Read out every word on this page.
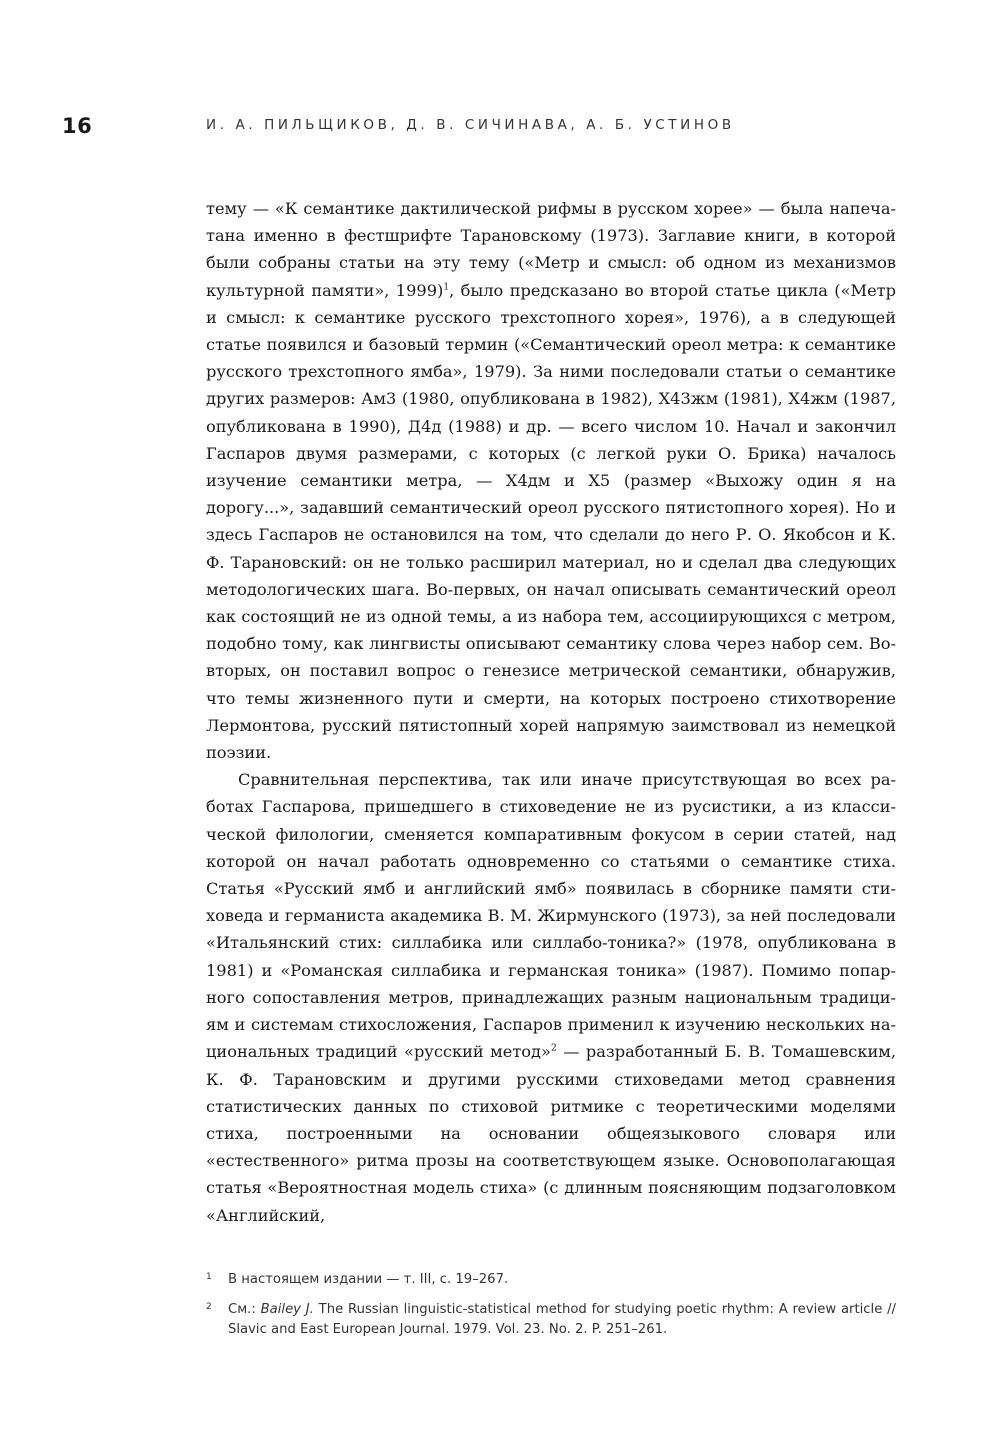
16	И. А. ПИЛЬЩИКОВ, Д. В. СИЧИНАВА, А. Б. УСТИНОВ

тему — «К семантике дактилической рифмы в русском хорее» — была напечатана именно в фестшрифте Тарановскому (1973). Заглавие книги, в которой были собраны статьи на эту тему («Метр и смысл: об одном из механизмов культурной памяти», 1999)$^1$, было предсказано во второй статье цикла («Метр и смысл: к семантике русского трехстопного хорея», 1976), а в следующей статье появился и базовый термин («Семантический ореол метра: к семантике русского трехстопного ямба», 1979). За ними последовали статьи о семантике других размеров: Ам3 (1980, опубликована в 1982), Х43жм (1981), Х4жм (1987, опубликована в 1990), Д4д (1988) и др. — всего числом 10. Начал и закончил Гаспаров двумя размерами, с которых (с легкой руки О. Брика) началось изучение семантики метра, — Х4дм и Х5 (размер «Выхожу один я на дорогу...», задавший семантический ореол русского пятистопного хорея). Но и здесь Гаспаров не остановился на том, что сделали до него Р. О. Якобсон и К. Ф. Тарановский: он не только расширил материал, но и сделал два следующих методологических шага. Во-первых, он начал описывать семантический ореол как состоящий не из одной темы, а из набора тем, ассоциирующихся с метром, подобно тому, как лингвисты описывают семантику слова через набор сем. Во-вторых, он поставил вопрос о генезисе метрической семантики, обнаружив, что темы жизненного пути и смерти, на которых построено стихотворение Лермонтова, русский пятистопный хорей напрямую заимствовал из немецкой поэзии.

Сравнительная перспектива, так или иначе присутствующая во всех работах Гаспарова, пришедшего в стиховедение не из русистики, а из классической филологии, сменяется компаративным фокусом в серии статей, над которой он начал работать одновременно со статьями о семантике стиха. Статья «Русский ямб и английский ямб» появилась в сборнике памяти стихoведа и германиста академика В. М. Жирмунского (1973), за ней последовали «Итальянский стих: силлабика или силлабо-тоника?» (1978, опубликована в 1981) и «Романская силлабика и германская тоника» (1987). Помимо попарного сопоставления метров, принадлежащих разным национальным традициям и системам стихосложения, Гаспаров применил к изучению нескольких национальных традиций «русский метод»$^2$ — разработанный Б. В. Томашевским, К. Ф. Тарановским и другими русскими стиховедами метод сравнения статистических данных по стиховой ритмике с теоретическими моделями стиха, построенными на основании общеязыкового словаря или «естественного» ритма прозы на соответствующем языке. Основополагающая статья «Вероятностная модель стиха» (с длинным поясняющим подзаголовком «Английский,

1 В настоящем издании — т. III, с. 19–267.
2 См.: Bailey J. The Russian linguistic-statistical method for studying poetic rhythm: A review article // Slavic and East European Journal. 1979. Vol. 23. No. 2. P. 251–261.
